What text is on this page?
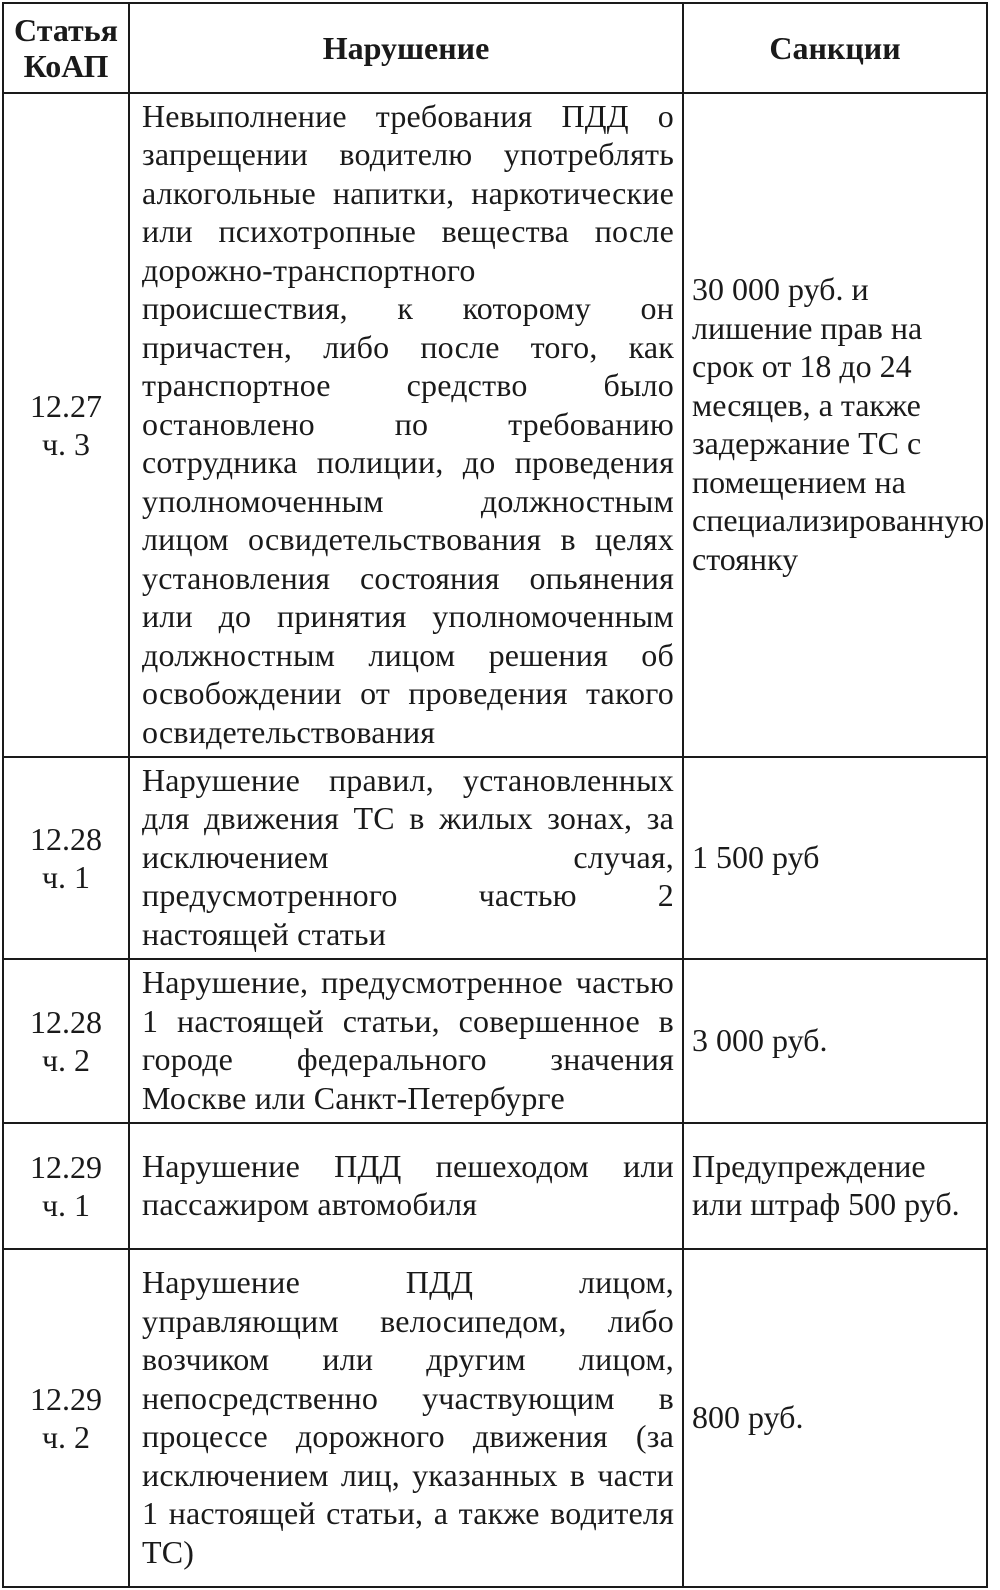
Статья КоАП	Нарушение	Санкции

12.27
ч. 3	Невыполнение требования ПДД о запрещении водителю употреблять алкогольные напитки, наркотические или психотропные вещества после дорожно-транспортного происшествия, к которому он причастен, либо после того, как транспортное средство было остановлено по требованию сотрудника полиции, до проведения уполномоченным должностным лицом освидетельствования в целях установления состояния опьянения или до принятия уполномоченным должностным лицом решения об освобождении от проведения такого освидетельствования	30 000 руб. и лишение прав на срок от 18 до 24 месяцев, а также задержание ТС с помещением на специализированную стоянку

12.28
ч. 1	Нарушение правил, установленных для движения ТС в жилых зонах, за исключением случая, предусмотренного частью 2 настоящей статьи	1 500 руб

12.28
ч. 2	Нарушение, предусмотренное частью 1 настоящей статьи, совершенное в городе федерального значения Москве или Санкт-Петербурге	3 000 руб.

12.29
ч. 1	Нарушение ПДД пешеходом или пассажиром автомобиля	Предупреждение или штраф 500 руб.

12.29
ч. 2	Нарушение ПДД лицом, управляющим велосипедом, либо возчиком или другим лицом, непосредственно участвующим в процессе дорожного движения (за исключением лиц, указанных в части 1 настоящей статьи, а также водителя ТС)	800 руб.
